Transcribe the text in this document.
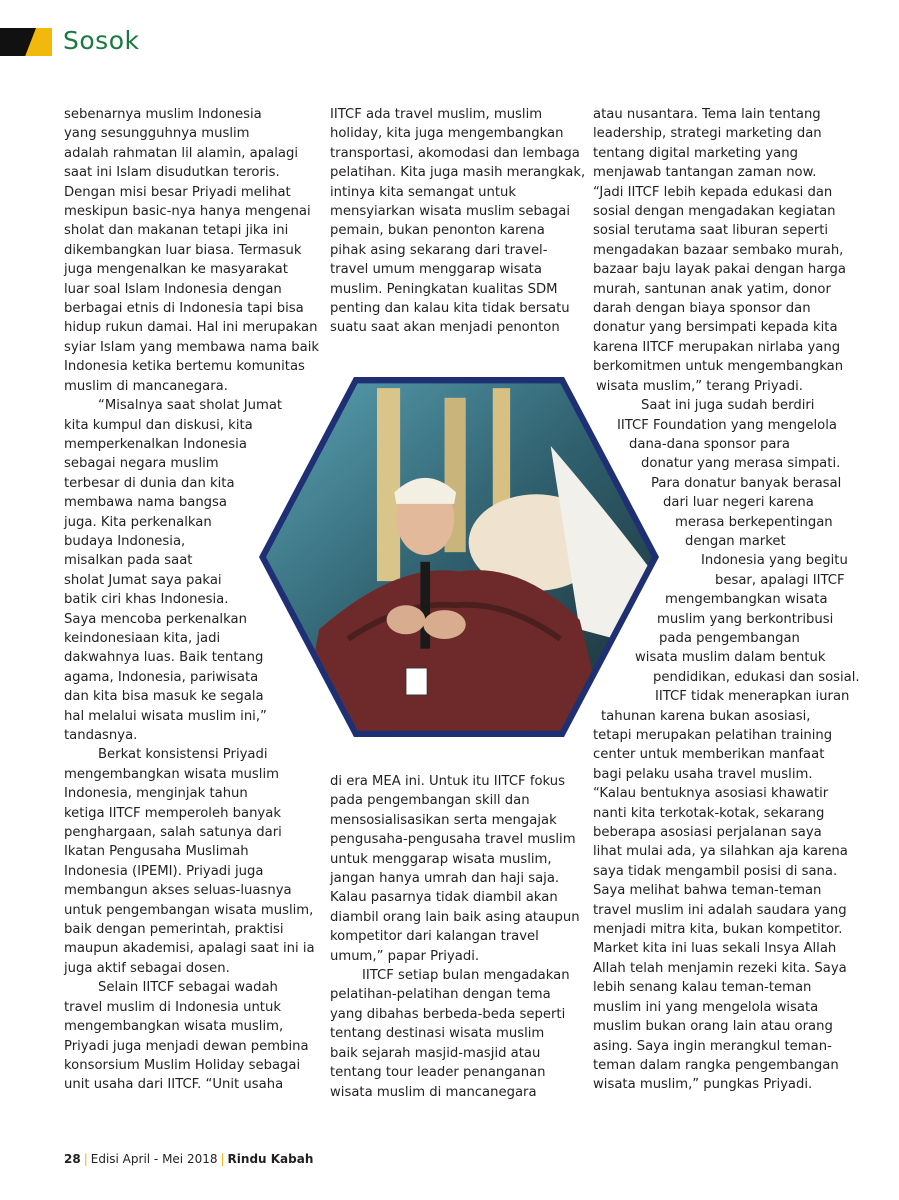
Sosok
sebenarnya muslim Indonesia
yang sesungguhnya muslim
adalah rahmatan lil alamin, apalagi
saat ini Islam disudutkan teroris.
Dengan misi besar Priyadi melihat
meskipun basic-nya hanya mengenai
sholat dan makanan tetapi jika ini
dikembangkan luar biasa. Termasuk
juga mengenalkan ke masyarakat
luar soal Islam Indonesia dengan
berbagai etnis di Indonesia tapi bisa
hidup rukun damai. Hal ini merupakan
syiar Islam yang membawa nama baik
Indonesia ketika bertemu komunitas
muslim di mancanegara.
“Misalnya saat sholat Jumat
kita kumpul dan diskusi, kita
memperkenalkan Indonesia
sebagai negara muslim
terbesar di dunia dan kita
membawa nama bangsa
juga. Kita perkenalkan
budaya Indonesia,
misalkan pada saat
sholat Jumat saya pakai
batik ciri khas Indonesia.
Saya mencoba perkenalkan
keindonesiaan kita, jadi
dakwahnya luas. Baik tentang
agama, Indonesia, pariwisata
dan kita bisa masuk ke segala
hal melalui wisata muslim ini,”
tandasnya.
Berkat konsistensi Priyadi
mengembangkan wisata muslim
Indonesia, menginjak tahun
ketiga IITCF memperoleh banyak
penghargaan, salah satunya dari
Ikatan Pengusaha Muslimah
Indonesia (IPEMI). Priyadi juga
membangun akses seluas-luasnya
untuk pengembangan wisata muslim,
baik dengan pemerintah, praktisi
maupun akademisi, apalagi saat ini ia
juga aktif sebagai dosen.
Selain IITCF sebagai wadah
travel muslim di Indonesia untuk
mengembangkan wisata muslim,
Priyadi juga menjadi dewan pembina
konsorsium Muslim Holiday sebagai
unit usaha dari IITCF. “Unit usaha
IITCF ada travel muslim, muslim
holiday, kita juga mengembangkan
transportasi, akomodasi dan lembaga
pelatihan. Kita juga masih merangkak,
intinya kita semangat untuk
mensyiarkan wisata muslim sebagai
pemain, bukan penonton karena
pihak asing sekarang dari travel-
travel umum menggarap wisata
muslim. Peningkatan kualitas SDM
penting dan kalau kita tidak bersatu
suatu saat akan menjadi penonton
di era MEA ini. Untuk itu IITCF fokus
pada pengembangan skill dan
mensosialisasikan serta mengajak
pengusaha-pengusaha travel muslim
untuk menggarap wisata muslim,
jangan hanya umrah dan haji saja.
Kalau pasarnya tidak diambil akan
diambil orang lain baik asing ataupun
kompetitor dari kalangan travel
umum,” papar Priyadi.
IITCF setiap bulan mengadakan
pelatihan-pelatihan dengan tema
yang dibahas berbeda-beda seperti
tentang destinasi wisata muslim
baik sejarah masjid-masjid atau
tentang tour leader penanganan
wisata muslim di mancanegara
atau nusantara. Tema lain tentang
leadership, strategi marketing dan
tentang digital marketing yang
menjawab tantangan zaman now.
“Jadi IITCF lebih kepada edukasi dan
sosial dengan mengadakan kegiatan
sosial terutama saat liburan seperti
mengadakan bazaar sembako murah,
bazaar baju layak pakai dengan harga
murah, santunan anak yatim, donor
darah dengan biaya sponsor dan
donatur yang bersimpati kepada kita
karena IITCF merupakan nirlaba yang
berkomitmen untuk mengembangkan
wisata muslim,” terang Priyadi.
Saat ini juga sudah berdiri
IITCF Foundation yang mengelola
dana-dana sponsor para
donatur yang merasa simpati.
Para donatur banyak berasal
dari luar negeri karena
merasa berkepentingan
dengan market
Indonesia yang begitu
besar, apalagi IITCF
mengembangkan wisata
muslim yang berkontribusi
pada pengembangan
wisata muslim dalam bentuk
pendidikan, edukasi dan sosial.
IITCF tidak menerapkan iuran
tahunan karena bukan asosiasi,
tetapi merupakan pelatihan training
center untuk memberikan manfaat
bagi pelaku usaha travel muslim.
“Kalau bentuknya asosiasi khawatir
nanti kita terkotak-kotak, sekarang
beberapa asosiasi perjalanan saya
lihat mulai ada, ya silahkan aja karena
saya tidak mengambil posisi di sana.
Saya melihat bahwa teman-teman
travel muslim ini adalah saudara yang
menjadi mitra kita, bukan kompetitor.
Market kita ini luas sekali Insya Allah
Allah telah menjamin rezeki kita. Saya
lebih senang kalau teman-teman
muslim ini yang mengelola wisata
muslim bukan orang lain atau orang
asing. Saya ingin merangkul teman-
teman dalam rangka pengembangan
wisata muslim,” pungkas Priyadi.
28 | Edisi April - Mei 2018 | Rindu Kabah
